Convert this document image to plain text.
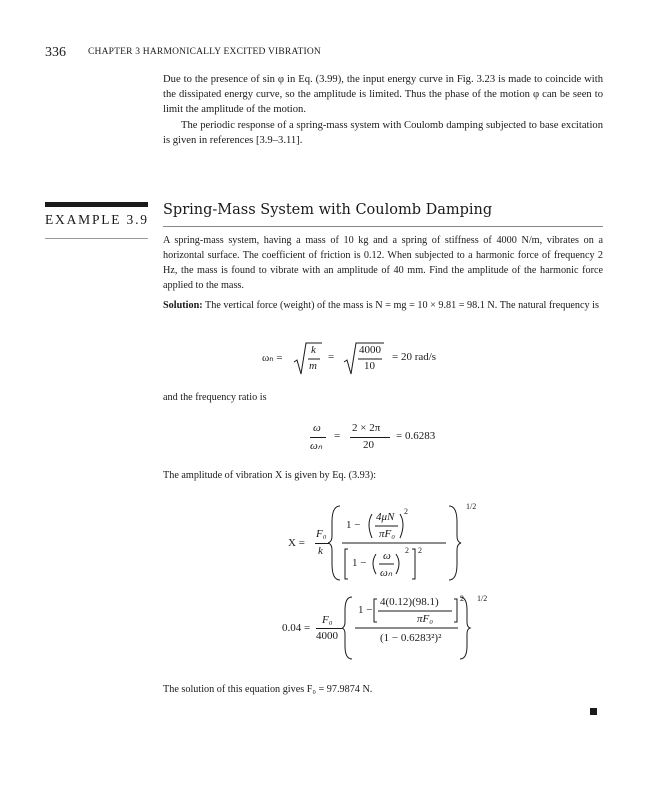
336 CHAPTER 3 HARMONICALLY EXCITED VIBRATION
Due to the presence of sin φ in Eq. (3.99), the input energy curve in Fig. 3.23 is made to coincide with the dissipated energy curve, so the amplitude is limited. Thus the phase of the motion φ can be seen to limit the amplitude of the motion.
The periodic response of a spring-mass system with Coulomb damping subjected to base excitation is given in references [3.9–3.11].
EXAMPLE 3.9
Spring-Mass System with Coulomb Damping
A spring-mass system, having a mass of 10 kg and a spring of stiffness of 4000 N/m, vibrates on a horizontal surface. The coefficient of friction is 0.12. When subjected to a harmonic force of frequency 2 Hz, the mass is found to vibrate with an amplitude of 40 mm. Find the amplitude of the harmonic force applied to the mass.
Solution: The vertical force (weight) of the mass is N = mg = 10 × 9.81 = 98.1 N. The natural frequency is
ωₙ =
k
m
=
4000
10
= 20 rad/s
and the frequency ratio is
ω
ωₙ
=
2 × 2π
20
= 0.6283
The amplitude of vibration X is given by Eq. (3.93):
X =
F₀
k
1 −
4μN
πF₀
2
1 −
ω
ωₙ
2 2
1/2
0.04 =
F₀
4000
1 −
4(0.12)(98.1)
πF₀
2
(1 − 0.6283²)²
1/2
The solution of this equation gives F₀ = 97.9874 N.
